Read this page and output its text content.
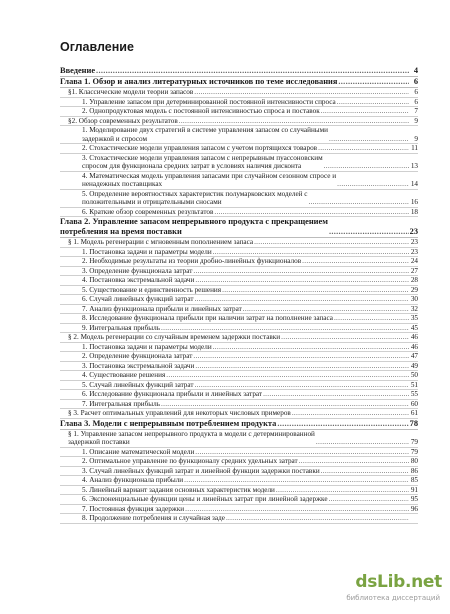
Оглавление
Введение .....	4
Глава 1. Обзор и анализ литературных источников по теме исследования .....	6
§1. Классические модели теории запасов .....	6
1. Управление запасом при детерминированной постоянной интенсивности спроса .....	6
2. Однопродуктовая модель с постоянной интенсивностью спроса и поставок .....	7
§2. Обзор современных результатов .....	9
1. Моделирование двух стратегий в системе управления запасом со случайными
задержкой и спросом .....	9
2. Стохастические модели управления запасом с учетом портящихся товаров .....	11
3. Стохастические модели управления запасом с непрерывным пуассоновским
спросом для функционала средних затрат в условиях наличия дисконта .....	13
4. Математическая модель управления запасами при случайном сезонном спросе и
ненадежных поставщиках .....	14
5. Определение вероятностных характеристик полумарковских моделей с
положительными и отрицательными сносами .....	16
6. Краткие обзор современных результатов .....	18
Глава 2. Управление запасом непрерывного продукта с прекращением
потребления на время поставки .....	23
§ 1. Модель регенерации с мгновенным пополнением запаса .....	23
1. Постановка задачи и параметры модели .....	23
2. Необходимые результаты из теории дробно-линейных функционалов .....	24
3. Определение функционала затрат .....	27
4. Постановка экстремальной задачи .....	28
5. Существование и единственность решения .....	29
6. Случай линейных функций затрат .....	30
7. Анализ функционала прибыли и линейных затрат .....	32
8. Исследование функционала прибыли при наличии затрат на пополнение запаса .....	35
9. Интегральная прибыль .....	45
§ 2. Модель регенерации со случайным временем задержки поставки .....	46
1. Постановка задачи и параметры модели .....	46
2. Определение функционала затрат .....	47
3. Постановка экстремальной задачи .....	49
4. Существование решения .....	50
5. Случай линейных функций затрат .....	51
6. Исследование функционала прибыли и линейных затрат .....	55
7. Интегральная прибыль .....	60
§ 3. Расчет оптимальных управлений для некоторых числовых примеров .....	61
Глава 3. Модели с непрерывным потреблением продукта .....	78
§ 1. Управление запасом непрерывного продукта в модели с детерминированной
задержкой поставки .....	79
1. Описание математической модели .....	79
2. Оптимальное управление по функционалу средних удельных затрат .....	80
3. Случай линейных функций затрат и линейной функции задержки поставки .....	86
4. Анализ функционала прибыли .....	85
5. Линейный вариант задания основных характеристик модели .....	91
6. Экспоненциальные функции цены и линейных затрат при линейной задержке .....	95
7. Постоянная функция задержки .....	96
8. Продолжение потребления и случайная заде
.....
dsLib.net
библиотека диссертаций
